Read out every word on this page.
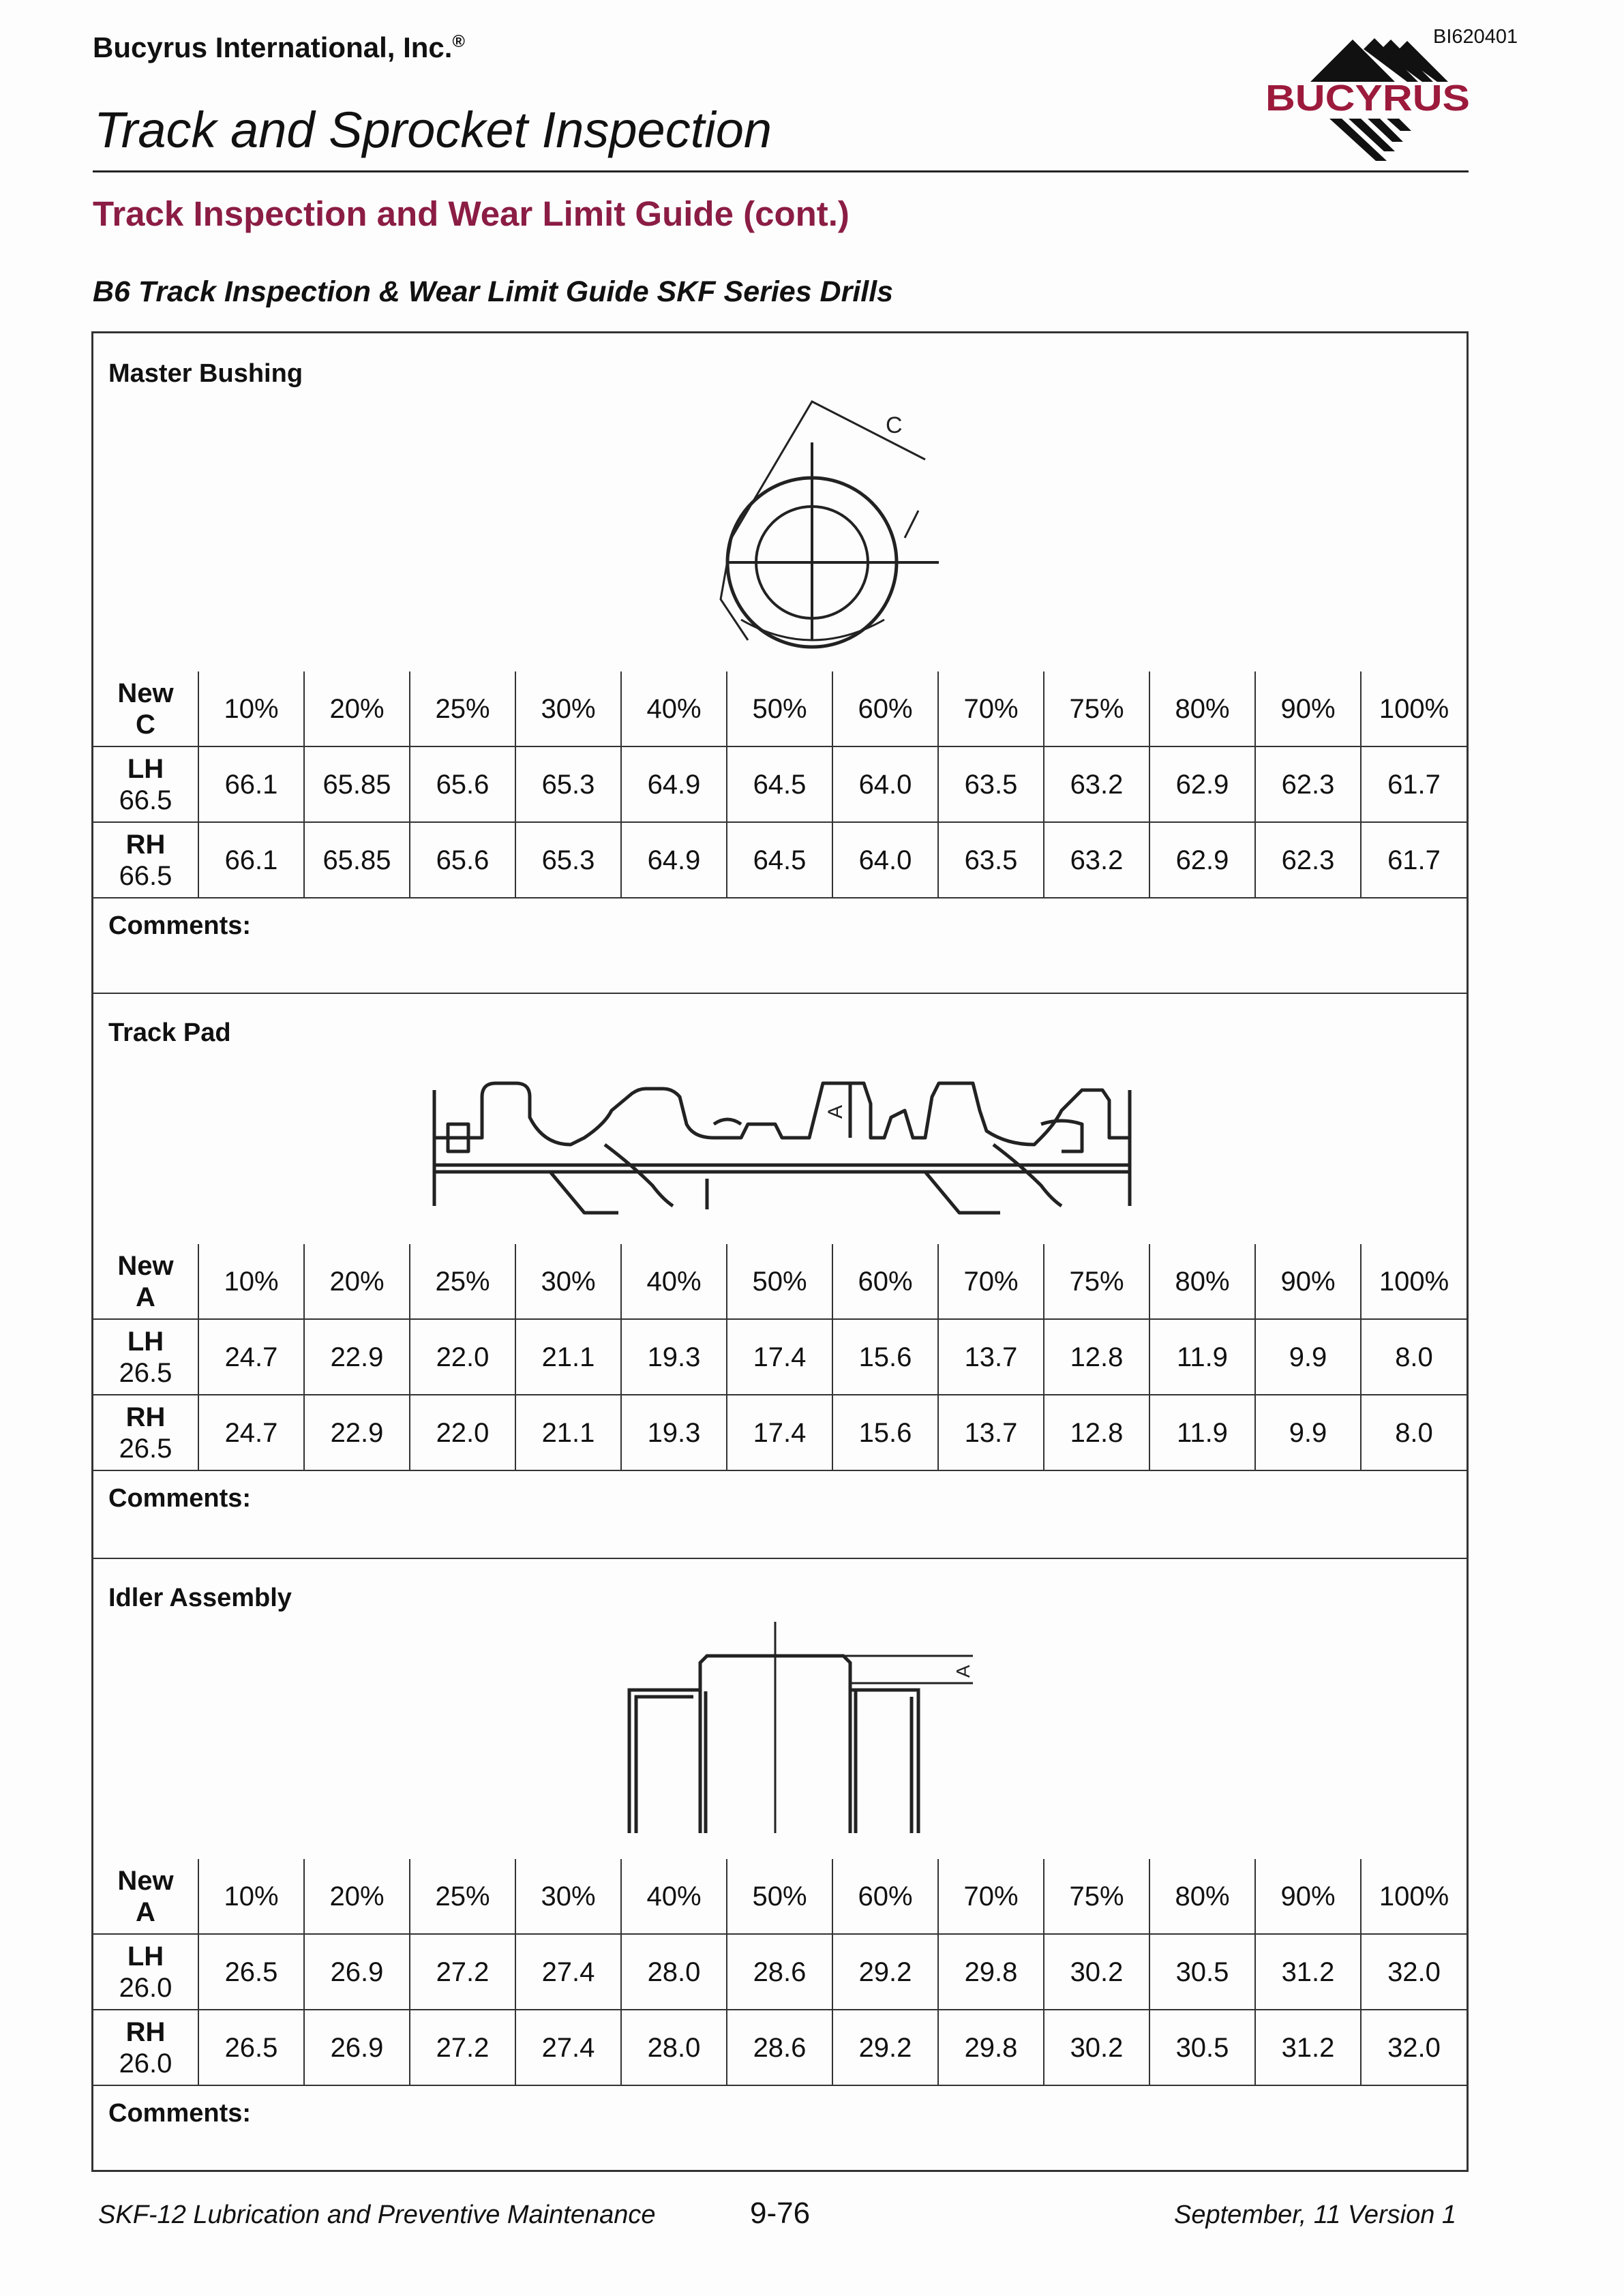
Bucyrus International, Inc.®	BI620401
BUCYRUS
Track and Sprocket Inspection
Track Inspection and Wear Limit Guide (cont.)
B6 Track Inspection & Wear Limit Guide SKF Series Drills
Master Bushing
C
New
C	10%	20%	25%	30%	40%	50%	60%	70%	75%	80%	90%	100%

LH
66.5	66.1	65.85	65.6	65.3	64.9	64.5	64.0	63.5	63.2	62.9	62.3	61.7

RH
66.5	66.1	65.85	65.6	65.3	64.9	64.5	64.0	63.5	63.2	62.9	62.3	61.7
Comments:
Track Pad
A
New
A	10%	20%	25%	30%	40%	50%	60%	70%	75%	80%	90%	100%

LH
26.5	24.7	22.9	22.0	21.1	19.3	17.4	15.6	13.7	12.8	11.9	9.9	8.0

RH
26.5	24.7	22.9	22.0	21.1	19.3	17.4	15.6	13.7	12.8	11.9	9.9	8.0
Comments:
Idler Assembly
A
New
A	10%	20%	25%	30%	40%	50%	60%	70%	75%	80%	90%	100%

LH
26.0	26.5	26.9	27.2	27.4	28.0	28.6	29.2	29.8	30.2	30.5	31.2	32.0

RH
26.0	26.5	26.9	27.2	27.4	28.0	28.6	29.2	29.8	30.2	30.5	31.2	32.0
Comments:
SKF-12 Lubrication and Preventive Maintenance	9-76	September, 11 Version 1
